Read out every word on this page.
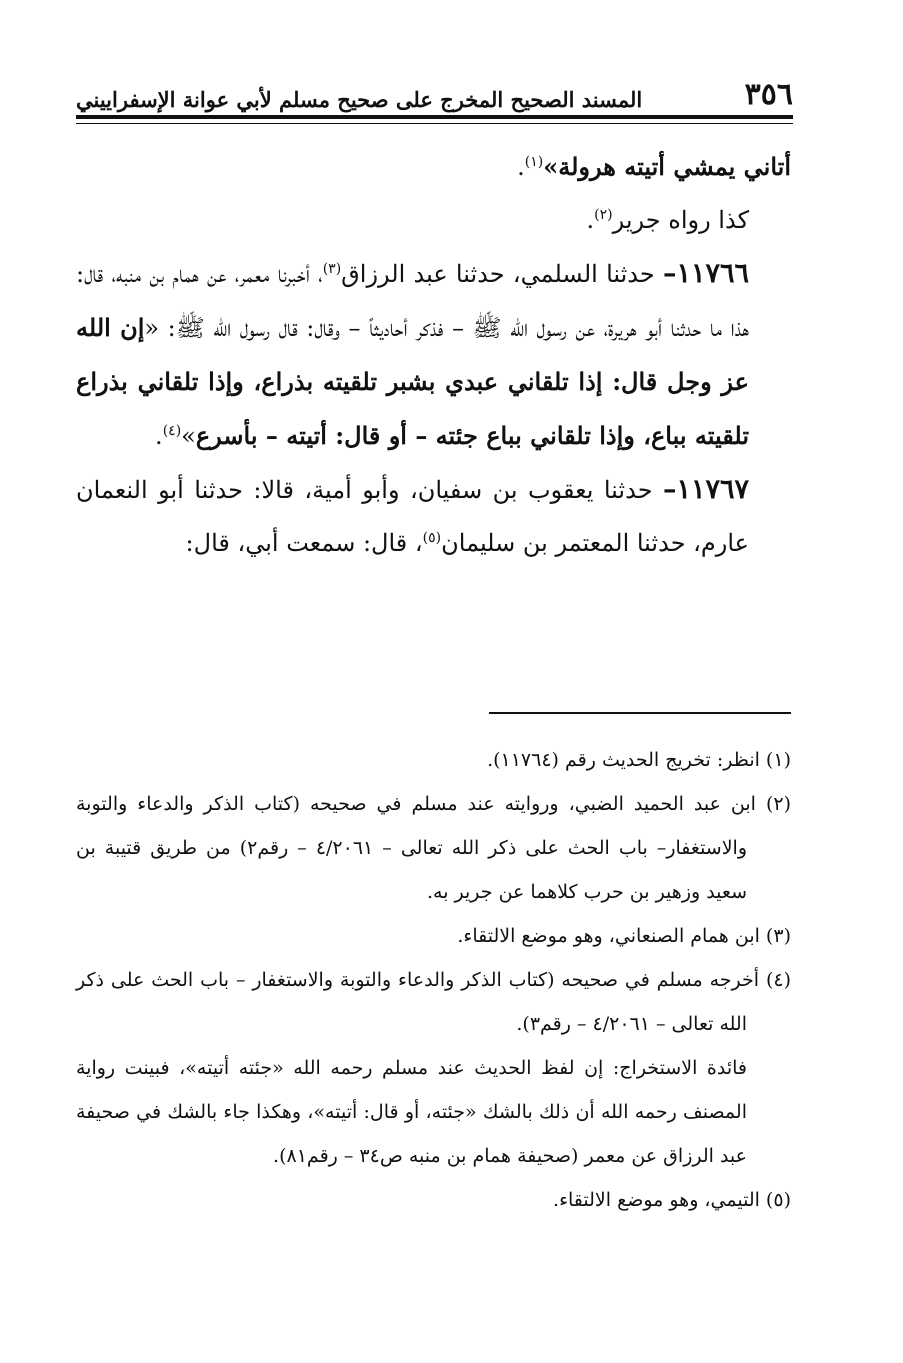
٣٥٦
المسند الصحيح المخرج على صحيح مسلم لأبي عوانة الإسفراييني

أتاني يمشي أتيته هرولة»$^{(١)}$.

كذا رواه جرير$^{(٢)}$.

١١٧٦٦– حدثنا السلمي، حدثنا عبد الرزاق$^{(٣)}$، أخبرنا معمر، عن همام بن منبه، قال: هذا ما حدثنا أبو هريرة، عن رسول الله ﷺ – فذكر أحاديثاً – وقال: قال رسول الله ﷺ: «إن الله عز وجل قال: إذا تلقاني عبدي بشبر تلقيته بذراع، وإذا تلقاني بذراع تلقيته بباع، وإذا تلقاني بباع جئته – أو قال: أتيته – بأسرع»$^{(٤)}$.

١١٧٦٧– حدثنا يعقوب بن سفيان، وأبو أمية، قالا: حدثنا أبو النعمان عارم، حدثنا المعتمر بن سليمان$^{(٥)}$، قال: سمعت أبي، قال:

(١) انظر: تخريج الحديث رقم (١١٧٦٤).

(٢) ابن عبد الحميد الضبي، وروايته عند مسلم في صحيحه (كتاب الذكر والدعاء والتوبة والاستغفار– باب الحث على ذكر الله تعالى – ٤/٢٠٦١ – رقم٢) من طريق قتيبة بن سعيد وزهير بن حرب كلاهما عن جرير به.

(٣) ابن همام الصنعاني، وهو موضع الالتقاء.

(٤) أخرجه مسلم في صحيحه (كتاب الذكر والدعاء والتوبة والاستغفار – باب الحث على ذكر الله تعالى – ٤/٢٠٦١ – رقم٣).

فائدة الاستخراج: إن لفظ الحديث عند مسلم رحمه الله «جئته أتيته»، فبينت رواية المصنف رحمه الله أن ذلك بالشك «جئته، أو قال: أتيته»، وهكذا جاء بالشك في صحيفة عبد الرزاق عن معمر (صحيفة همام بن منبه ص٣٤ – رقم٨١).

(٥) التيمي، وهو موضع الالتقاء.
